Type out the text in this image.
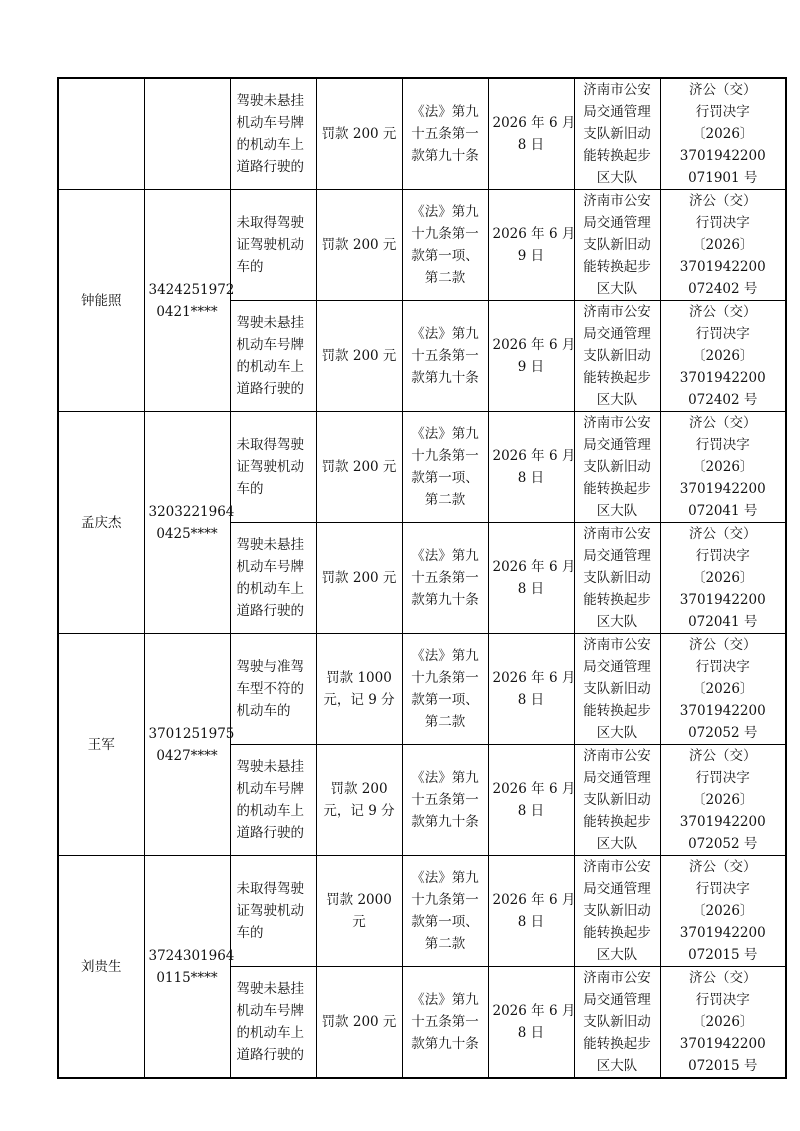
		驾驶未悬挂
机动车号牌
的机动车上
道路行驶的	罚款 200 元	《法》第九
十五条第一
款第九十条	2026 年 6 月
8 日	济南市公安
局交通管理
支队新旧动
能转换起步
区大队	济公（交）
行罚决字
〔2026〕
3701942200
071901 号

钟能照	3424251972
0421****	未取得驾驶
证驾驶机动
车的	罚款 200 元	《法》第九
十九条第一
款第一项、
第二款	2026 年 6 月
9 日	济南市公安
局交通管理
支队新旧动
能转换起步
区大队	济公（交）
行罚决字
〔2026〕
3701942200
072402 号

		驾驶未悬挂
机动车号牌
的机动车上
道路行驶的	罚款 200 元	《法》第九
十五条第一
款第九十条	2026 年 6 月
9 日	济南市公安
局交通管理
支队新旧动
能转换起步
区大队	济公（交）
行罚决字
〔2026〕
3701942200
072402 号

孟庆杰	3203221964
0425****	未取得驾驶
证驾驶机动
车的	罚款 200 元	《法》第九
十九条第一
款第一项、
第二款	2026 年 6 月
8 日	济南市公安
局交通管理
支队新旧动
能转换起步
区大队	济公（交）
行罚决字
〔2026〕
3701942200
072041 号

		驾驶未悬挂
机动车号牌
的机动车上
道路行驶的	罚款 200 元	《法》第九
十五条第一
款第九十条	2026 年 6 月
8 日	济南市公安
局交通管理
支队新旧动
能转换起步
区大队	济公（交）
行罚决字
〔2026〕
3701942200
072041 号

王军	3701251975
0427****	驾驶与准驾
车型不符的
机动车的	罚款 1000
元，记 9 分	《法》第九
十九条第一
款第一项、
第二款	2026 年 6 月
8 日	济南市公安
局交通管理
支队新旧动
能转换起步
区大队	济公（交）
行罚决字
〔2026〕
3701942200
072052 号

		驾驶未悬挂
机动车号牌
的机动车上
道路行驶的	罚款 200
元，记 9 分	《法》第九
十五条第一
款第九十条	2026 年 6 月
8 日	济南市公安
局交通管理
支队新旧动
能转换起步
区大队	济公（交）
行罚决字
〔2026〕
3701942200
072052 号

刘贵生	3724301964
0115****	未取得驾驶
证驾驶机动
车的	罚款 2000
元	《法》第九
十九条第一
款第一项、
第二款	2026 年 6 月
8 日	济南市公安
局交通管理
支队新旧动
能转换起步
区大队	济公（交）
行罚决字
〔2026〕
3701942200
072015 号

		驾驶未悬挂
机动车号牌
的机动车上
道路行驶的	罚款 200 元	《法》第九
十五条第一
款第九十条	2026 年 6 月
8 日	济南市公安
局交通管理
支队新旧动
能转换起步
区大队	济公（交）
行罚决字
〔2026〕
3701942200
072015 号
